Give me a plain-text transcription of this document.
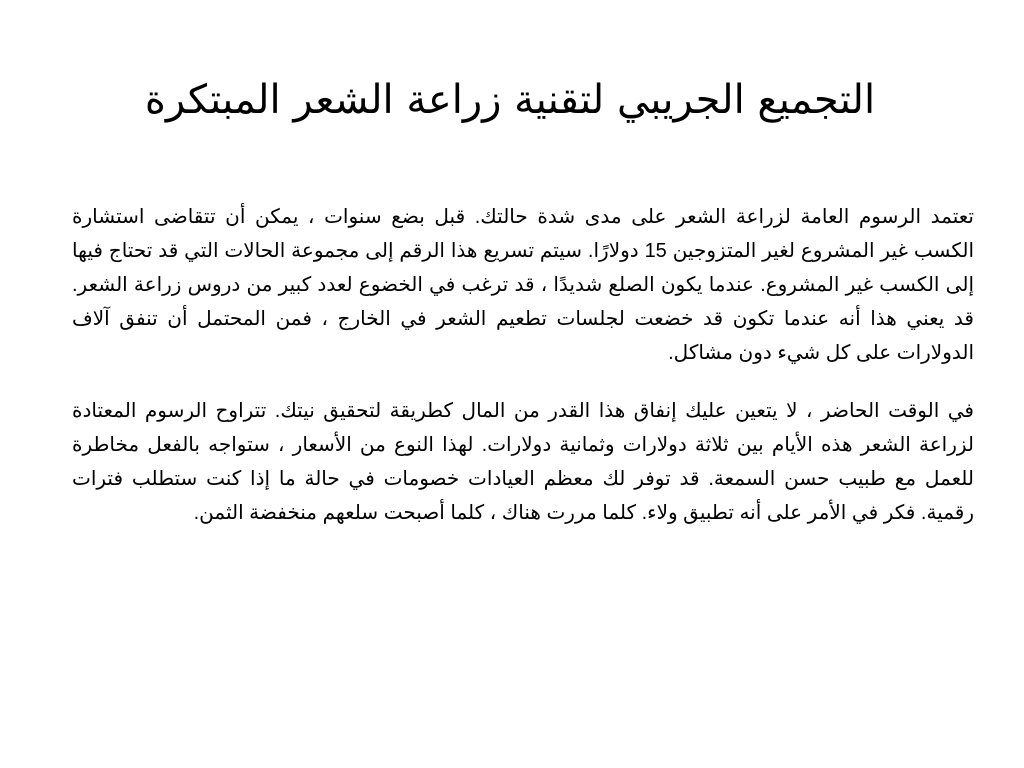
التجميع الجريبي لتقنية زراعة الشعر المبتكرة

تعتمد الرسوم العامة لزراعة الشعر على مدى شدة حالتك. قبل بضع سنوات ، يمكن أن تتقاضى استشارة الكسب غير المشروع لغير المتزوجين 15 دولارًا. سيتم تسريع هذا الرقم إلى مجموعة الحالات التي قد تحتاج فيها إلى الكسب غير المشروع. عندما يكون الصلع شديدًا ، قد ترغب في الخضوع لعدد كبير من دروس زراعة الشعر. قد يعني هذا أنه عندما تكون قد خضعت لجلسات تطعيم الشعر في الخارج ، فمن المحتمل أن تنفق آلاف الدولارات على كل شيء دون مشاكل.

في الوقت الحاضر ، لا يتعين عليك إنفاق هذا القدر من المال كطريقة لتحقيق نيتك. تتراوح الرسوم المعتادة لزراعة الشعر هذه الأيام بين ثلاثة دولارات وثمانية دولارات. لهذا النوع من الأسعار ، ستواجه بالفعل مخاطرة للعمل مع طبيب حسن السمعة. قد توفر لك معظم العيادات خصومات في حالة ما إذا كنت ستطلب فترات رقمية. فكر في الأمر على أنه تطبيق ولاء. كلما مررت هناك ، كلما أصبحت سلعهم منخفضة الثمن.
